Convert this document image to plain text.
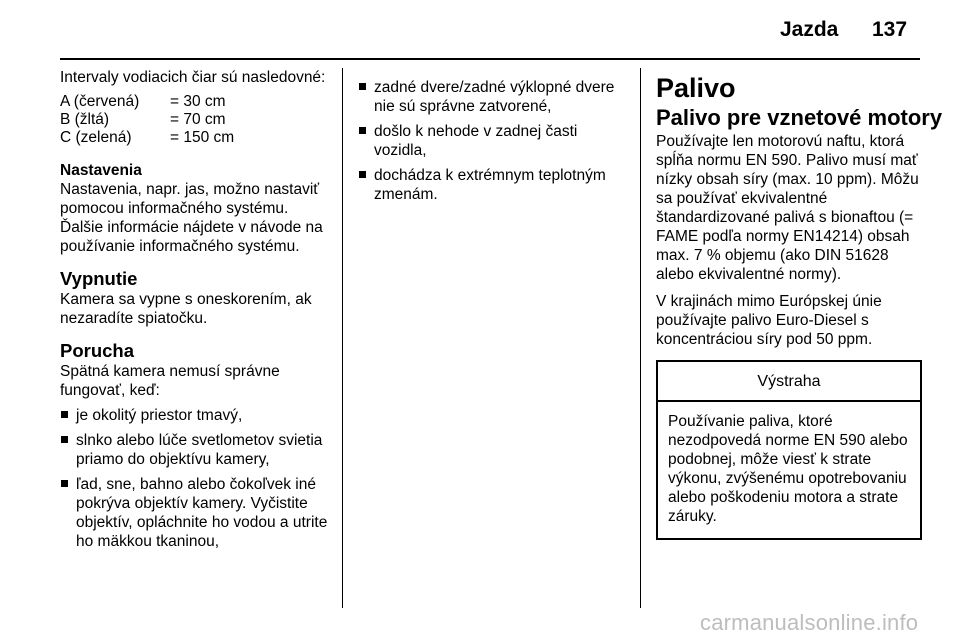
Jazda 137

Intervaly vodiacich čiar sú nasledovné:

A (červená)	= 30 cm
B (žltá)	= 70 cm
C (zelená)	= 150 cm

Nastavenia

Nastavenia, napr. jas, možno nastaviť pomocou informačného systému. Ďalšie informácie nájdete v návode na používanie informačného systému.

Vypnutie

Kamera sa vypne s oneskorením, ak nezaradíte spiatočku.

Porucha

Spätná kamera nemusí správne fungovať, keď:

je okolitý priestor tmavý,
slnko alebo lúče svetlometov svietia priamo do objektívu kamery,
ľad, sne, bahno alebo čokoľvek iné pokrýva objektív kamery. Vyčistite objektív, opláchnite ho vodou a utrite ho mäkkou tkaninou,
zadné dvere/zadné výklopné dvere nie sú správne zatvorené,
došlo k nehode v zadnej časti vozidla,
dochádza k extrémnym teplotným zmenám.
Palivo

Palivo pre vznetové motory

Používajte len motorovú naftu, ktorá spĺňa normu EN 590. Palivo musí mať nízky obsah síry (max. 10 ppm). Môžu sa používať ekvivalentné štandardizované palivá s bionaftou (= FAME podľa normy EN14214) obsah max. 7 % objemu (ako DIN 51628 alebo ekvivalentné normy).

V krajinách mimo Európskej únie používajte palivo Euro-Diesel s koncentráciou síry pod 50 ppm.

Výstraha
Používanie paliva, ktoré nezodpovedá norme EN 590 alebo podobnej, môže viesť k strate výkonu, zvýšenému opotrebovaniu alebo poškodeniu motora a strate záruky.
carmanualsonline.info
